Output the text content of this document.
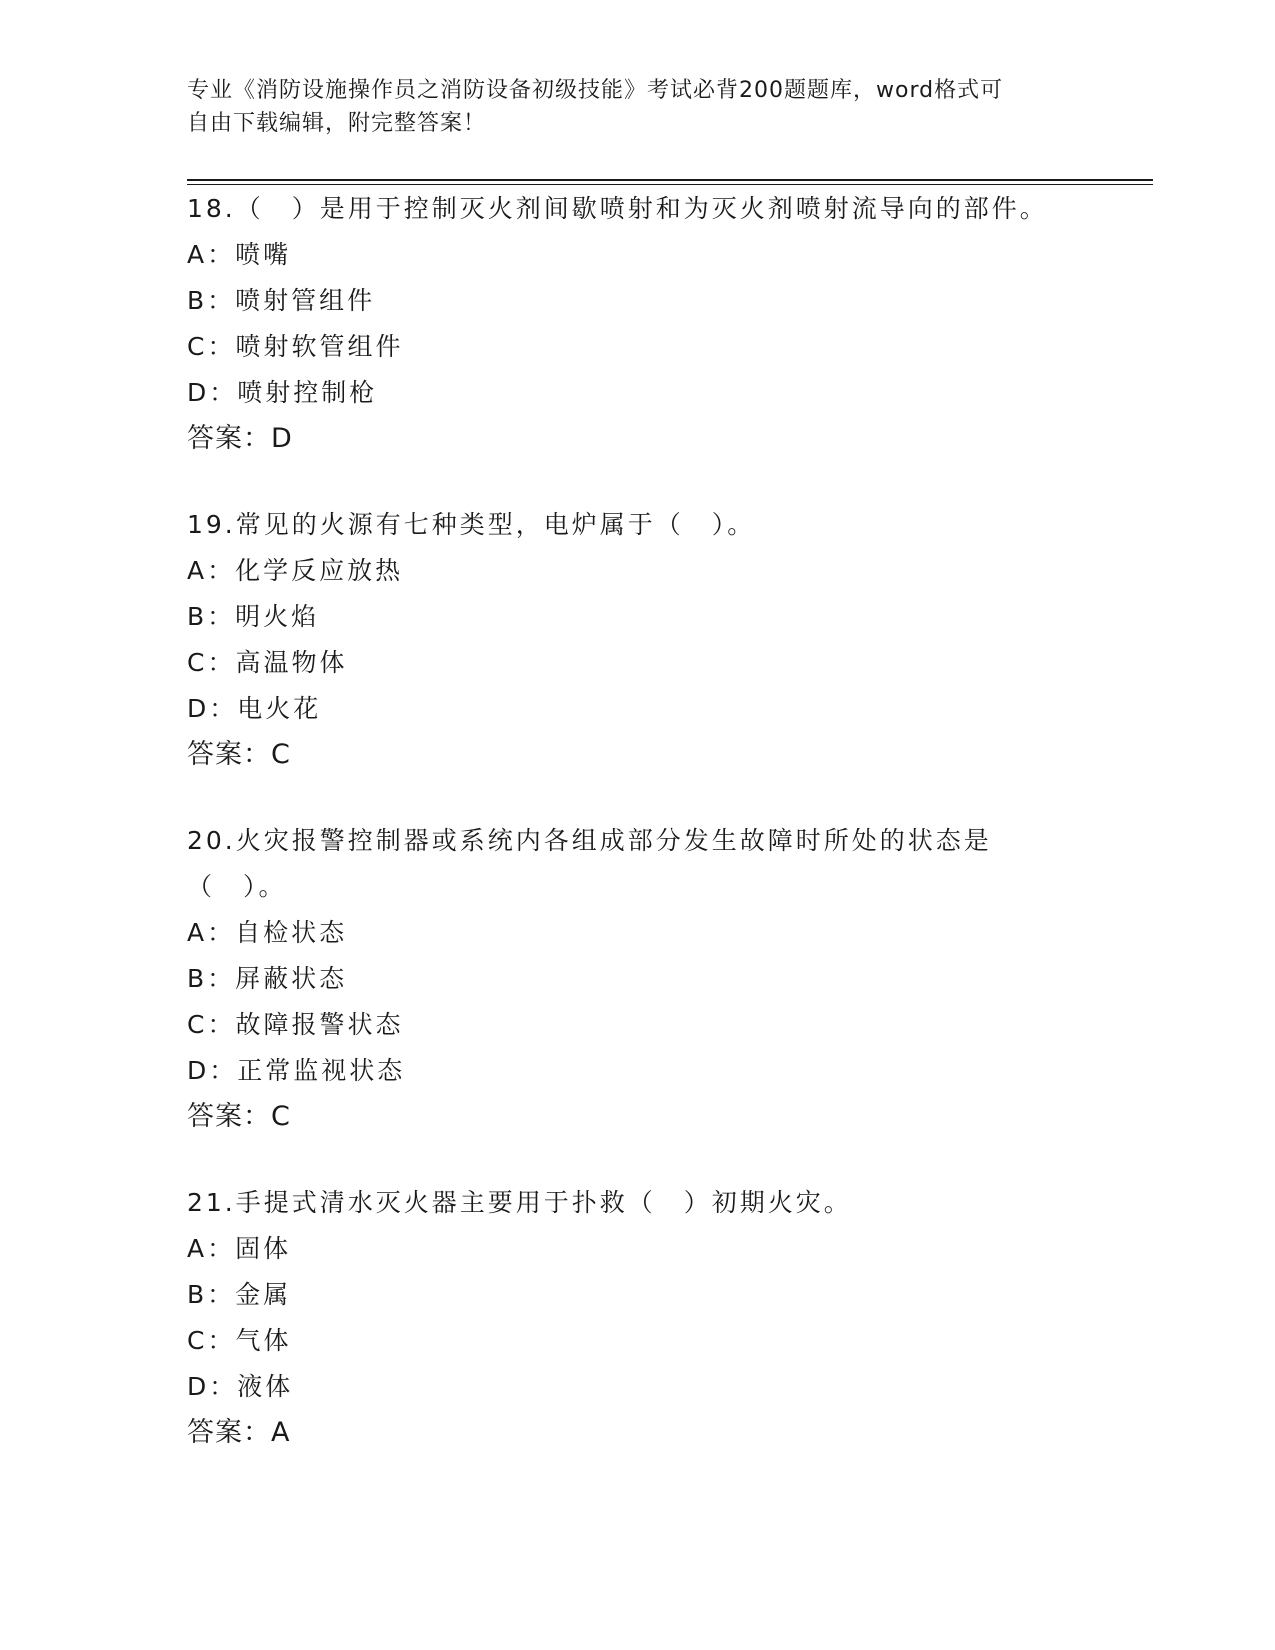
专业《消防设施操作员之消防设备初级技能》考试必背200题题库，word格式可
自由下载编辑，附完整答案！

18.（　）是用于控制灭火剂间歇喷射和为灭火剂喷射流导向的部件。

A：喷嘴

B：喷射管组件

C：喷射软管组件

D：喷射控制枪

答案：D

19.常见的火源有七种类型，电炉属于（　）。

A：化学反应放热

B：明火焰

C：高温物体

D：电火花

答案：C

20.火灾报警控制器或系统内各组成部分发生故障时所处的状态是（　）。

A：自检状态

B：屏蔽状态

C：故障报警状态

D：正常监视状态

答案：C

21.手提式清水灭火器主要用于扑救（　）初期火灾。

A：固体

B：金属

C：气体

D：液体

答案：A
